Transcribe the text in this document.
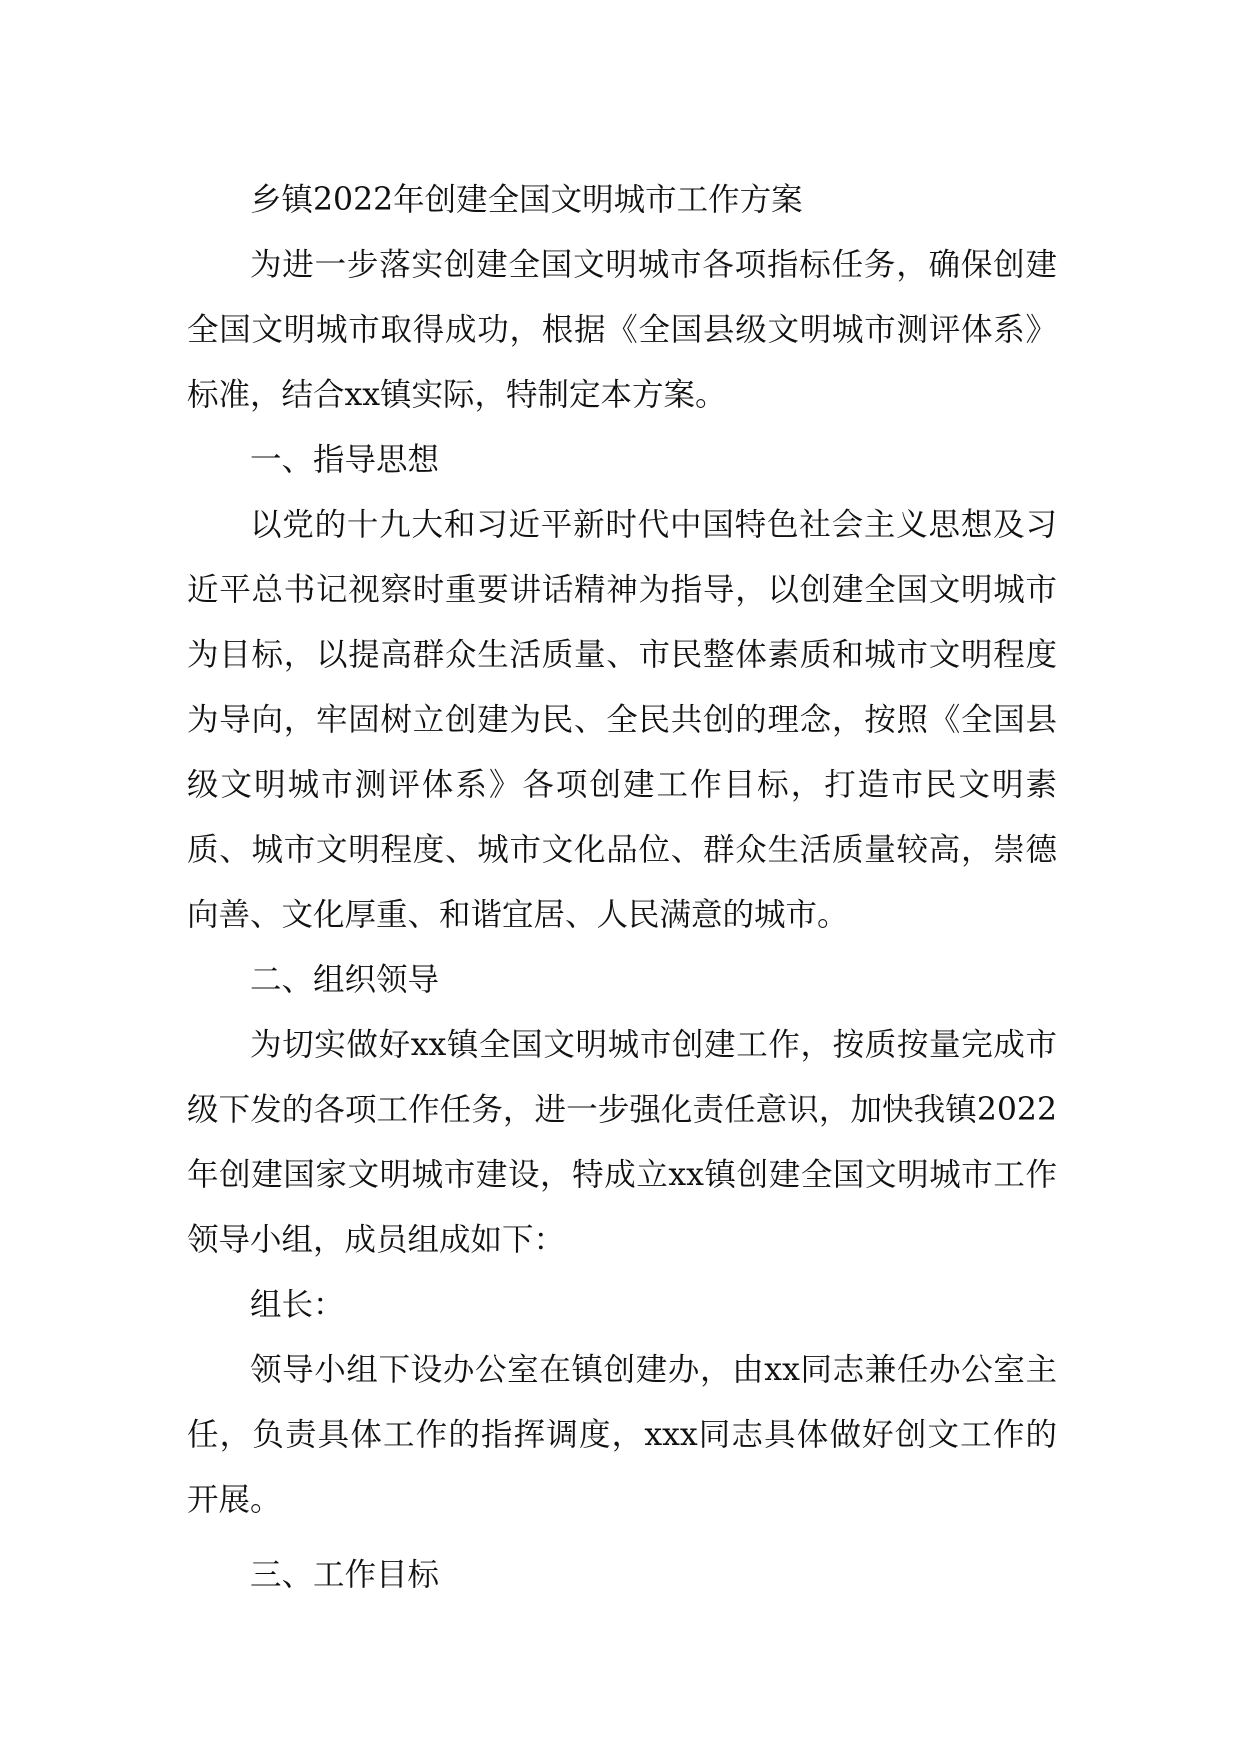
乡镇2022年创建全国文明城市工作方案

为进一步落实创建全国文明城市各项指标任务，确保创建全国文明城市取得成功，根据《全国县级文明城市测评体系》标准，结合xx镇实际，特制定本方案。

一、指导思想

以党的十九大和习近平新时代中国特色社会主义思想及习近平总书记视察时重要讲话精神为指导，以创建全国文明城市为目标，以提高群众生活质量、市民整体素质和城市文明程度为导向，牢固树立创建为民、全民共创的理念，按照《全国县级文明城市测评体系》各项创建工作目标，打造市民文明素质、城市文明程度、城市文化品位、群众生活质量较高，崇德向善、文化厚重、和谐宜居、人民满意的城市。

二、组织领导

为切实做好xx镇全国文明城市创建工作，按质按量完成市级下发的各项工作任务，进一步强化责任意识，加快我镇2022年创建国家文明城市建设，特成立xx镇创建全国文明城市工作领导小组，成员组成如下：

组长：

领导小组下设办公室在镇创建办，由xx同志兼任办公室主任，负责具体工作的指挥调度，xxx同志具体做好创文工作的开展。

三、工作目标
